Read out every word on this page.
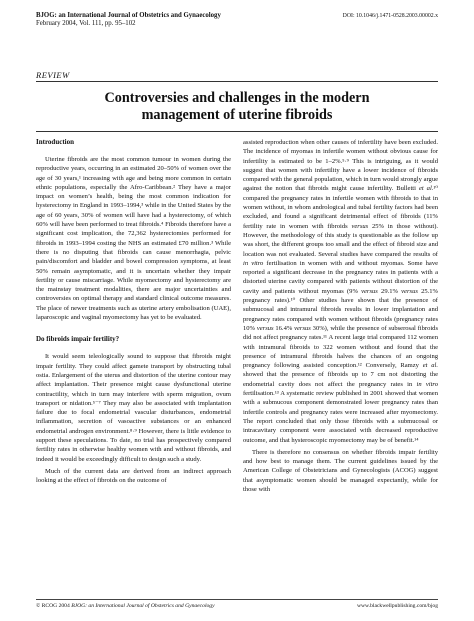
BJOG: an International Journal of Obstetrics and Gynaecology
February 2004, Vol. 111, pp. 95–102
DOI: 10.1046/j.1471-0528.2003.00002.x
REVIEW
Controversies and challenges in the modern
management of uterine fibroids
Introduction

Uterine fibroids are the most common tumour in women during the reproductive years, occurring in an estimated 20–50% of women over the age of 30 years,¹ increasing with age and being more common in certain ethnic populations, especially the Afro-Caribbean.² They have a major impact on women’s health, being the most common indication for hysterectomy in England in 1993–1994,³ while in the United States by the age of 60 years, 30% of women will have had a hysterectomy, of which 60% will have been performed to treat fibroids.⁴ Fibroids therefore have a significant cost implication, the 72,362 hysterectomies performed for fibroids in 1993–1994 costing the NHS an estimated £70 million.³ While there is no disputing that fibroids can cause menorrhagia, pelvic pain/discomfort and bladder and bowel compression symptoms, at least 50% remain asymptomatic, and it is uncertain whether they impair fertility or cause miscarriage. While myomectomy and hysterectomy are the mainstay treatment modalities, there are major uncertainties and controversies on optimal therapy and standard clinical outcome measures. The place of newer treatments such as uterine artery embolisation (UAE), laparoscopic and vaginal myomectomy has yet to be evaluated.

Do fibroids impair fertility?

It would seem teleologically sound to suppose that fibroids might impair fertility. They could affect gamete transport by obstructing tubal ostia. Enlargement of the uterus and distortion of the uterine contour may affect implantation. Their presence might cause dysfunctional uterine contractility, which in turn may interfere with sperm migration, ovum transport or nidation.⁵⁻⁷ They may also be associated with implantation failure due to focal endometrial vascular disturbances, endometrial inflammation, secretion of vasoactive substances or an enhanced endometrial androgen environment.⁸·⁹ However, there is little evidence to support these speculations. To date, no trial has prospectively compared fertility rates in otherwise healthy women with and without fibroids, and indeed it would be exceedingly difficult to design such a study.

Much of the current data are derived from an indirect approach looking at the effect of fibroids on the outcome of

assisted reproduction when other causes of infertility have been excluded. The incidence of myomas in infertile women without obvious cause for infertility is estimated to be 1–2%.⁵·⁹ This is intriguing, as it would suggest that women with infertility have a lower incidence of fibroids compared with the general population, which in turn would strongly argue against the notion that fibroids might cause infertility. Bulletti et al.¹⁰ compared the pregnancy rates in infertile women with fibroids to that in women without, in whom andrological and tubal fertility factors had been excluded, and found a significant detrimental effect of fibroids (11% fertility rate in women with fibroids versus 25% in those without). However, the methodology of this study is questionable as the follow up was short, the different groups too small and the effect of fibroid size and location was not evaluated. Several studies have compared the results of in vitro fertilisation in women with and without myomas. Some have reported a significant decrease in the pregnancy rates in patients with a distorted uterine cavity compared with patients without distortion of the cavity and patients without myomas (9% versus 29.1% versus 25.1% pregnancy rates).¹⁰ Other studies have shown that the presence of submucosal and intramural fibroids results in lower implantation and pregnancy rates compared with women without fibroids (pregnancy rates 10% versus 16.4% versus 30%), while the presence of subserosal fibroids did not affect pregnancy rates.¹¹ A recent large trial compared 112 women with intramural fibroids to 322 women without and found that the presence of intramural fibroids halves the chances of an ongoing pregnancy following assisted conception.¹² Conversely, Ramzy et al. showed that the presence of fibroids up to 7 cm not distorting the endometrial cavity does not affect the pregnancy rates in in vitro fertilisation.¹³ A systematic review published in 2001 showed that women with a submucous component demonstrated lower pregnancy rates than infertile controls and pregnancy rates were increased after myomectomy. The report concluded that only those fibroids with a submucosal or intracavitary component were associated with decreased reproductive outcome, and that hysteroscopic myomectomy may be of benefit.¹⁴

There is therefore no consensus on whether fibroids impair fertility and how best to manage them. The current guidelines issued by the American College of Obstetricians and Gynecologists (ACOG) suggest that asymptomatic women should be managed expectantly, while for those with

© RCOG 2004 BJOG: an International Journal of Obstetrics and Gynaecology	www.blackwellpublishing.com/bjog
